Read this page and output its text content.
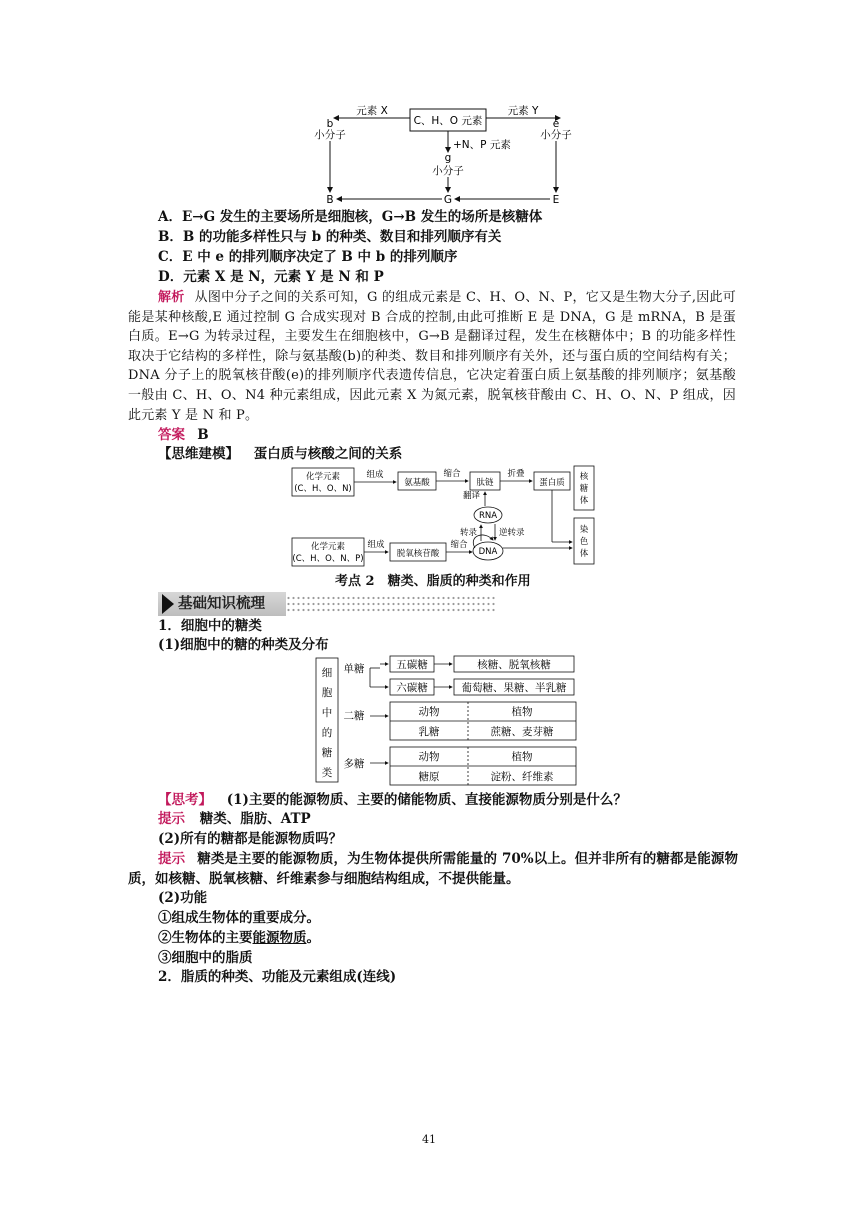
C、H、O 元素
元素 X	元素 Y
b
小分子
e
小分子
+N、P 元素
g
小分子
B	G	E
A．E→G 发生的主要场所是细胞核，G→B 发生的场所是核糖体
B．B 的功能多样性只与 b 的种类、数目和排列顺序有关
C．E 中 e 的排列顺序决定了 B 中 b 的排列顺序
D．元素 X 是 N，元素 Y 是 N 和 P
解析 从图中分子之间的关系可知，G 的组成元素是 C、H、O、N、P，它又是生物大分子,因此可能是某种核酸,E 通过控制 G 合成实现对 B 合成的控制,由此可推断 E 是 DNA，G 是 mRNA，B 是蛋白质。E→G 为转录过程，主要发生在细胞核中，G→B 是翻译过程，发生在核糖体中；B 的功能多样性取决于它结构的多样性，除与氨基酸(b)的种类、数目和排列顺序有关外，还与蛋白质的空间结构有关；DNA 分子上的脱氧核苷酸(e)的排列顺序代表遗传信息，它决定着蛋白质上氨基酸的排列顺序；氨基酸一般由 C、H、O、N4 种元素组成，因此元素 X 为氮元素，脱氧核苷酸由 C、H、O、N、P 组成，因此元素 Y 是 N 和 P。
答案 B
【思维建模】 蛋白质与核酸之间的关系
化学元素
(C、H、O、N)
组成
氨基酸
缩合
肽链
折叠
蛋白质
核
糖
体
染
色
体
翻译
RNA
转录	逆转录
化学元素
(C、H、O、N、P)
组成
脱氧核苷酸
缩合
DNA
考点 2　糖类、脂质的种类和作用
基础知识梳理
1．细胞中的糖类
(1)细胞中的糖的种类及分布
细
胞
中
的
糖
类
单糖	五碳糖	核糖、脱氧核糖
六碳糖	葡萄糖、果糖、半乳糖
二糖	动物	植物
乳糖	蔗糖、麦芽糖
多糖
动物	植物
糖原	淀粉、纤维素
【思考】 (1)主要的能源物质、主要的储能物质、直接能源物质分别是什么？
提示 糖类、脂肪、ATP
(2)所有的糖都是能源物质吗？
提示 糖类是主要的能源物质，为生物体提供所需能量的 70%以上。但并非所有的糖都是能源物质，如核糖、脱氧核糖、纤维素参与细胞结构组成，不提供能量。
(2)功能
①组成生物体的重要成分。
②生物体的主要能源物质。
③细胞中的脂质
2．脂质的种类、功能及元素组成(连线)
41
